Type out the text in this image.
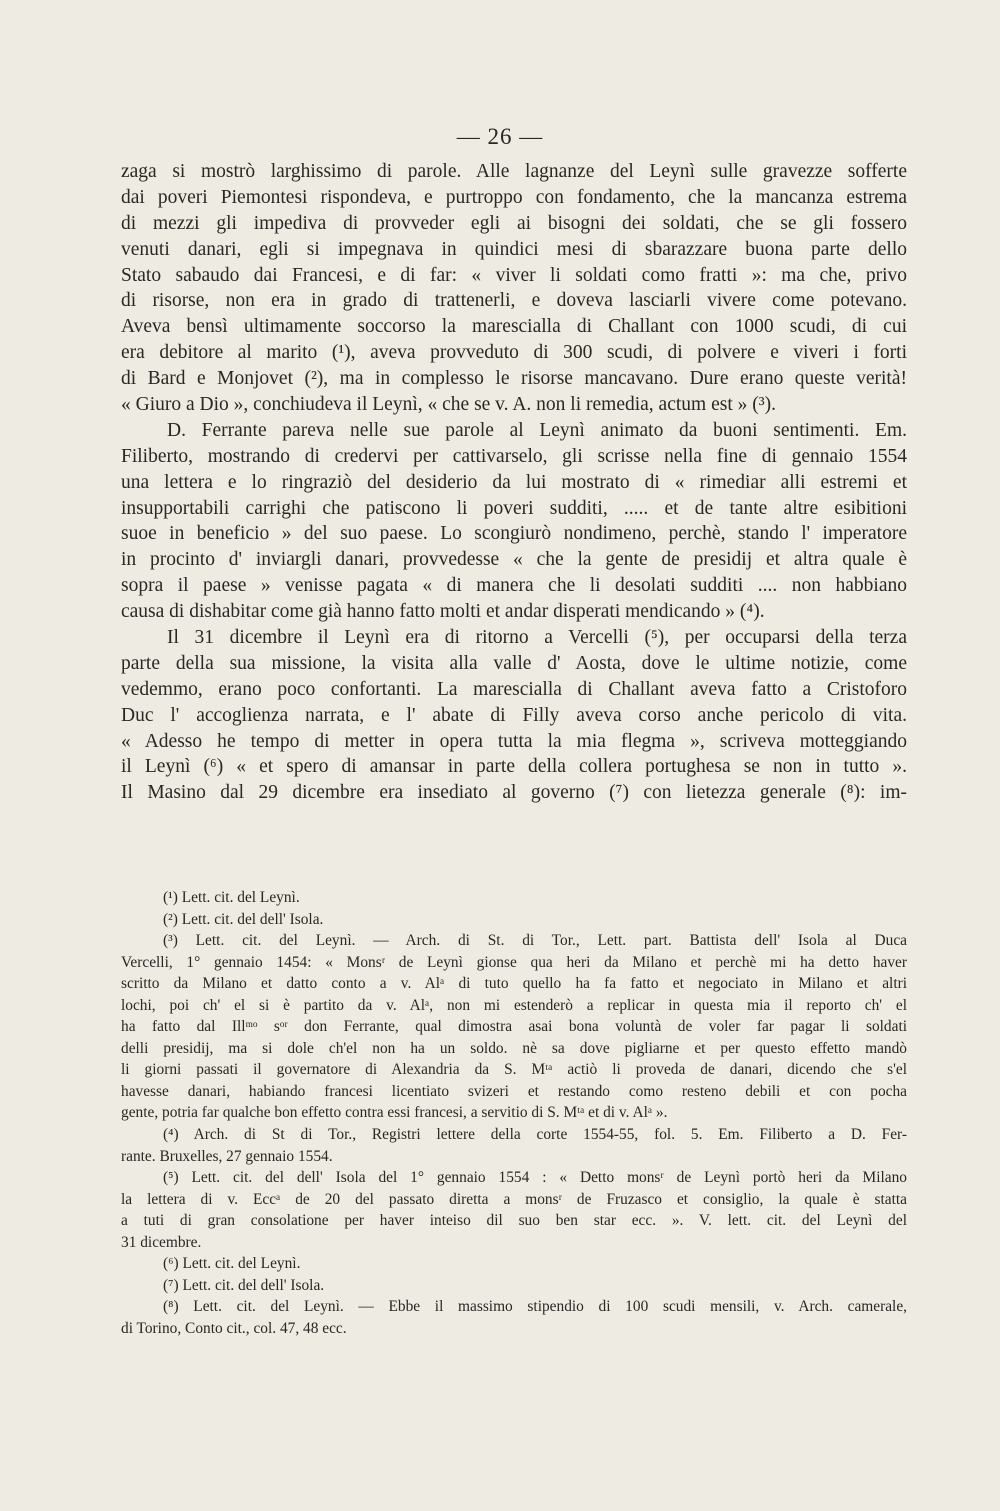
— 26 —
zaga si mostrò larghissimo di parole. Alle lagnanze del Leynì sulle gravezze sofferte
dai poveri Piemontesi rispondeva, e purtroppo con fondamento, che la mancanza estrema
di mezzi gli impediva di provveder egli ai bisogni dei soldati, che se gli fossero
venuti danari, egli si impegnava in quindici mesi di sbarazzare buona parte dello
Stato sabaudo dai Francesi, e di far: « viver li soldati como fratti »: ma che, privo
di risorse, non era in grado di trattenerli, e doveva lasciarli vivere come potevano.
Aveva bensì ultimamente soccorso la maresciallа di Challant con 1000 scudi, di cui
era debitore al marito (¹), aveva provveduto di 300 scudi, di polvere e viveri i forti
di Bard e Monjovet (²), ma in complesso le risorse mancavano. Dure erano queste verità!
« Giuro a Dio », conchiudeva il Leynì, « che se v. A. non li remedia, actum est » (³).
D. Ferrante pareva nelle sue parole al Leynì animato da buoni sentimenti. Em.
Filiberto, mostrando di credervi per cattivarselo, gli scrisse nella fine di gennaio 1554
una lettera e lo ringraziò del desiderio da lui mostrato di « rimediar alli estremi et
insupportabili carrighi che patiscono li poveri sudditi, ..... et de tante altre esibitioni
suoe in beneficio » del suo paese. Lo scongiurò nondimeno, perchè, stando l' imperatore
in procinto d' inviargli danari, provvedesse « che la gente de presidij et altra quale è
sopra il paese » venisse pagata « di manera che li desolati sudditi .... non habbiano
causa di dishabitar come già hanno fatto molti et andar disperati mendicando » (⁴).
Il 31 dicembre il Leynì era di ritorno a Vercelli (⁵), per occuparsi della terza
parte della sua missione, la visita alla valle d' Aosta, dove le ultime notizie, come
vedemmo, erano poco confortanti. La maresciallа di Challant aveva fatto a Cristoforo
Duc l' accoglienza narrata, e l' abate di Filly aveva corso anche pericolo di vita.
« Adesso he tempo di metter in opera tutta la mia flegma », scriveva motteggiando
il Leynì (⁶) « et spero di amansar in parte della collera portughesa se non in tutto ».
Il Masino dal 29 dicembre era insediato al governo (⁷) con lietezza generale (⁸): im-
(¹) Lett. cit. del Leynì.
(²) Lett. cit. del dell' Isola.
(³) Lett. cit. del Leynì. — Arch. di St. di Tor., Lett. part. Battista dell' Isola al Duca
Vercelli, 1° gennaio 1454: « Monsʳ de Leynì gionse qua heri da Milano et perchè mi ha detto haver
scritto da Milano et datto conto a v. Alᵃ di tuto quello ha fa fatto et negociato in Milano et altri
lochi, poi ch' el si è partito da v. Alᵃ, non mi estenderò a replicar in questa mia il reporto ch' el
ha fatto dal Illᵐᵒ sᵒʳ don Ferrante, qual dimostra asai bona voluntà de voler far pagar li soldati
delli presidij, ma si dole ch'el non ha un soldo. nè sa dove pigliarne et per questo effetto mandò
li giorni passati il governatore di Alexandria da S. Mᵗᵃ actiò li proveda de danari, dicendo che s'el
havesse danari, habiando francesi licentiato svizeri et restando como resteno debili et con pocha
gente, potria far qualche bon effetto contra essi francesi, a servitio di S. Mᵗᵃ et di v. Alᵃ ».
(⁴) Arch. di St di Tor., Registri lettere della corte 1554-55, fol. 5. Em. Filiberto a D. Fer-
rante. Bruxelles, 27 gennaio 1554.
(⁵) Lett. cit. del dell' Isola del 1° gennaio 1554 : « Detto monsʳ de Leynì portò heri da Milano
la lettera di v. Eccᵃ de 20 del passato diretta a monsʳ de Fruzasco et consiglio, la quale è statta
a tuti di gran consolatione per haver inteiso dil suo ben star ecc. ». V. lett. cit. del Leynì del
31 dicembre.
(⁶) Lett. cit. del Leynì.
(⁷) Lett. cit. del dell' Isola.
(⁸) Lett. cit. del Leynì. — Ebbe il massimo stipendio di 100 scudi mensili, v. Arch. camerale,
di Torino, Conto cit., col. 47, 48 ecc.
